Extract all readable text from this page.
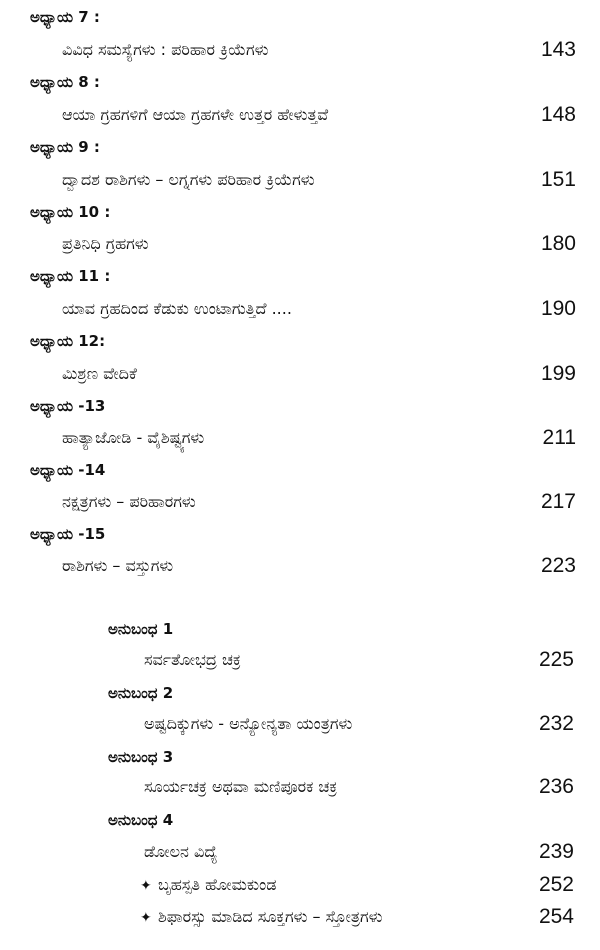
ಅಧ್ಯಾಯ 7 :
ವಿವಿಧ ಸಮಸ್ಯೆಗಳು : ಪರಿಹಾರ ಕ್ರಿಯೆಗಳು	143
ಅಧ್ಯಾಯ 8 :
ಆಯಾ ಗ್ರಹಗಳಿಗೆ ಆಯಾ ಗ್ರಹಗಳೇ ಉತ್ತರ ಹೇಳುತ್ತವೆ	148
ಅಧ್ಯಾಯ 9 :
ದ್ವಾದಶ ರಾಶಿಗಳು – ಲಗ್ನಗಳು ಪರಿಹಾರ ಕ್ರಿಯೆಗಳು	151
ಅಧ್ಯಾಯ 10 :
ಪ್ರತಿನಿಧಿ ಗ್ರಹಗಳು	180
ಅಧ್ಯಾಯ 11 :
ಯಾವ ಗ್ರಹದಿಂದ ಕೆಡುಕು ಉಂಟಾಗುತ್ತಿದೆ ....	190
ಅಧ್ಯಾಯ 12:
ಮಿಶ್ರಣ ವೇದಿಕೆ	199
ಅಧ್ಯಾಯ -13
ಹಾತ್ಯಾಜೋಡಿ - ವೈಶಿಷ್ಟ್ಯಗಳು	211
ಅಧ್ಯಾಯ -14
ನಕ್ಷತ್ರಗಳು – ಪರಿಹಾರಗಳು	217
ಅಧ್ಯಾಯ -15
ರಾಶಿಗಳು – ವಸ್ತುಗಳು	223
ಅನುಬಂಧ 1
ಸರ್ವತೋಭದ್ರ ಚಕ್ರ	225
ಅನುಬಂಧ 2
ಅಷ್ಟದಿಕ್ಕುಗಳು - ಅನ್ಯೋನ್ಯತಾ ಯಂತ್ರಗಳು	232
ಅನುಬಂಧ 3
ಸೂರ್ಯಚಕ್ರ ಅಥವಾ ಮಣಿಪೂರಕ ಚಕ್ರ	236
ಅನುಬಂಧ 4
ಡೋಲನ ವಿದ್ಯೆ	239
✦ ಬೃಹಸ್ಪತಿ ಹೋಮಕುಂಡ	252
✦ ಶಿಫಾರಸ್ಸು ಮಾಡಿದ ಸೂಕ್ತಗಳು – ಸ್ತೋತ್ರಗಳು	254
